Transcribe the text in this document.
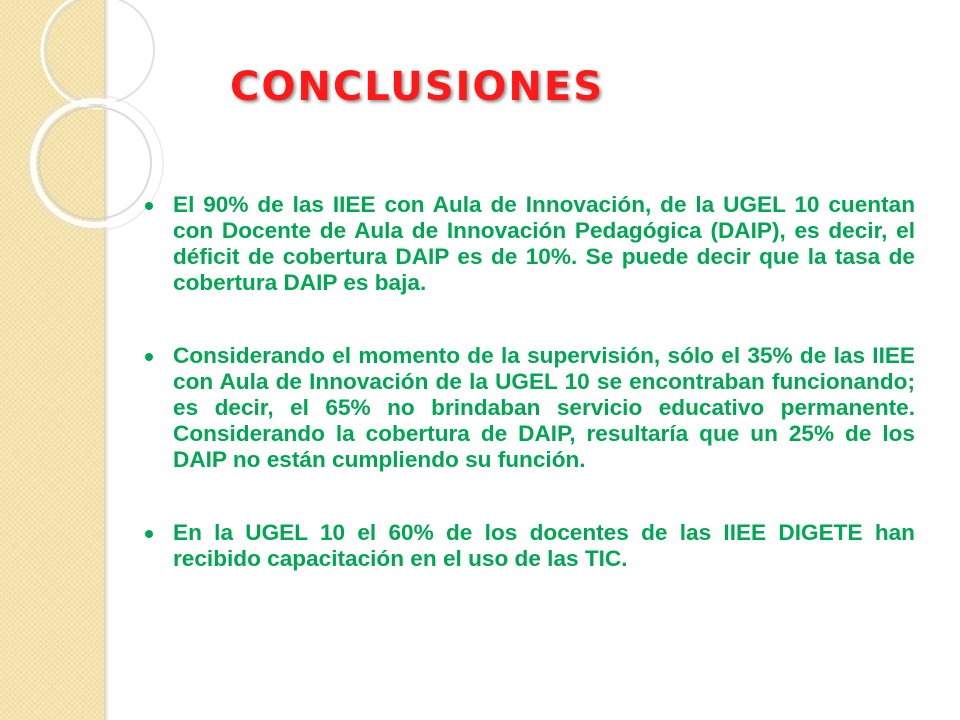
CONCLUSIONES
El 90% de las IIEE con Aula de Innovación, de la UGEL 10 cuentan con Docente de Aula de Innovación Pedagógica (DAIP), es decir, el déficit de cobertura DAIP es de 10%. Se puede decir que la tasa de cobertura DAIP es baja.
Considerando el momento de la supervisión, sólo el 35% de las IIEE con Aula de Innovación de la UGEL 10 se encontraban funcionando; es decir, el 65% no brindaban servicio educativo permanente. Considerando la cobertura de DAIP, resultaría que un 25% de los DAIP no están cumpliendo su función.
En la UGEL 10 el 60% de los docentes de las IIEE DIGETE han recibido capacitación en el uso de las TIC.
